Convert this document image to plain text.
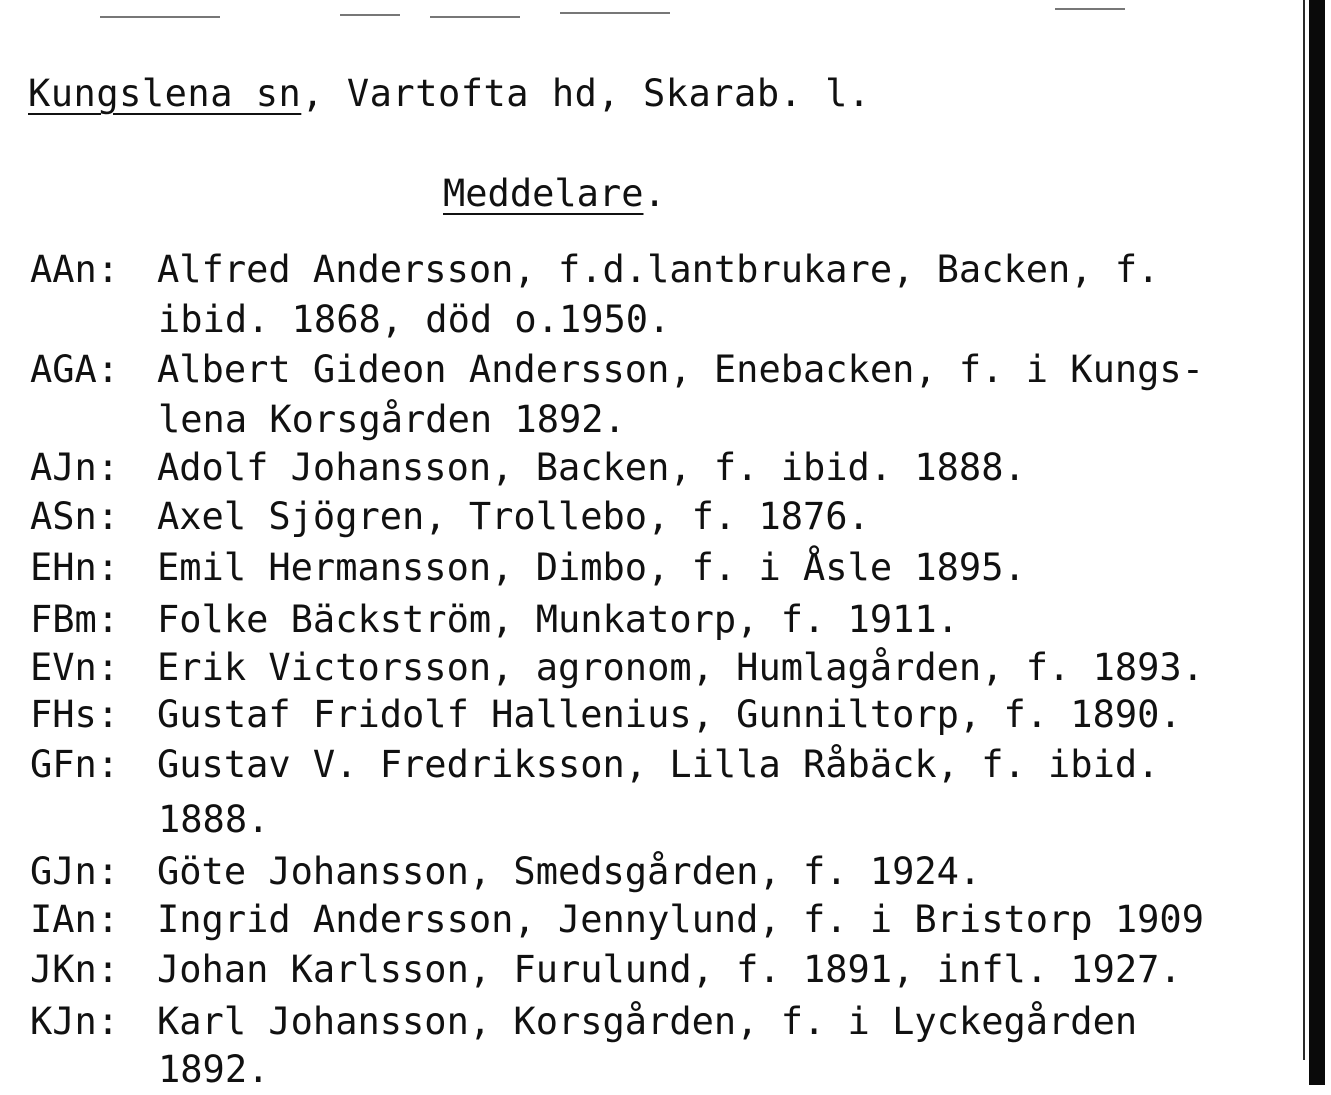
Kungslena sn, Vartofta hd, Skarab. l.
Meddelare.
AAn: Alfred Andersson, f.d.lantbrukare, Backen, f.
ibid. 1868, död o.1950.
AGA: Albert Gideon Andersson, Enebacken, f. i Kungs-
lena Korsgården 1892.
AJn: Adolf Johansson, Backen, f. ibid. 1888.
ASn: Axel Sjögren, Trollebo, f. 1876.
EHn: Emil Hermansson, Dimbo, f. i Åsle 1895.
FBm: Folke Bäckström, Munkatorp, f. 1911.
EVn: Erik Victorsson, agronom, Humlagården, f. 1893.
FHs: Gustaf Fridolf Hallenius, Gunniltorp, f. 1890.
GFn: Gustav V. Fredriksson, Lilla Råbäck, f. ibid.
1888.
GJn: Göte Johansson, Smedsgården, f. 1924.
IAn: Ingrid Andersson, Jennylund, f. i Bristorp 1909
JKn: Johan Karlsson, Furulund, f. 1891, infl. 1927.
KJn: Karl Johansson, Korsgården, f. i Lyckegården
1892.
